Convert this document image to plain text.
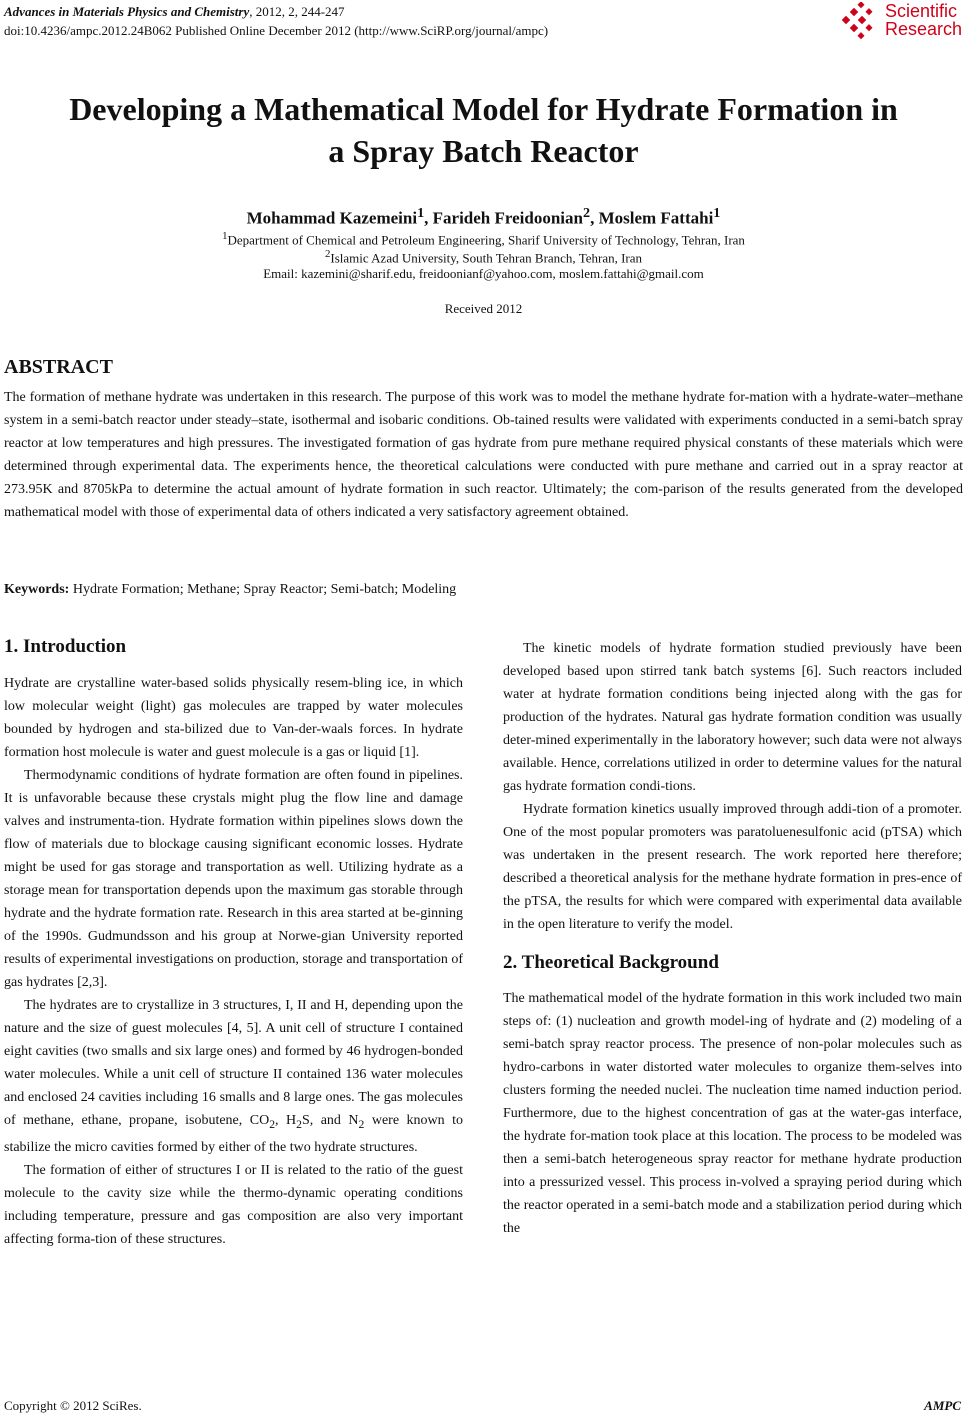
Advances in Materials Physics and Chemistry, 2012, 2, 244-247
doi:10.4236/ampc.2012.24B062 Published Online December 2012 (http://www.SciRP.org/journal/ampc)
Scientific
Research
Developing a Mathematical Model for Hydrate Formation in
a Spray Batch Reactor
Mohammad Kazemeini$^1$, Farideh Freidoonian$^2$, Moslem Fattahi$^1$
$^1$Department of Chemical and Petroleum Engineering, Sharif University of Technology, Tehran, Iran
$^2$Islamic Azad University, South Tehran Branch, Tehran, Iran
Email: kazemini@sharif.edu, freidoonianf@yahoo.com, moslem.fattahi@gmail.com
Received 2012
ABSTRACT
The formation of methane hydrate was undertaken in this research. The purpose of this work was to model the methane hydrate for-mation with a hydrate-water–methane system in a semi-batch reactor under steady–state, isothermal and isobaric conditions. Ob-tained results were validated with experiments conducted in a semi-batch spray reactor at low temperatures and high pressures. The investigated formation of gas hydrate from pure methane required physical constants of these materials which were determined through experimental data. The experiments hence, the theoretical calculations were conducted with pure methane and carried out in a spray reactor at 273.95K and 8705kPa to determine the actual amount of hydrate formation in such reactor. Ultimately; the com-parison of the results generated from the developed mathematical model with those of experimental data of others indicated a very satisfactory agreement obtained.
Keywords: Hydrate Formation; Methane; Spray Reactor; Semi-batch; Modeling
1. Introduction

Hydrate are crystalline water-based solids physically resem-bling ice, in which low molecular weight (light) gas molecules are trapped by water molecules bounded by hydrogen and sta-bilized due to Van-der-waals forces. In hydrate formation host molecule is water and guest molecule is a gas or liquid [1].

Thermodynamic conditions of hydrate formation are often found in pipelines. It is unfavorable because these crystals might plug the flow line and damage valves and instrumenta-tion. Hydrate formation within pipelines slows down the flow of materials due to blockage causing significant economic losses. Hydrate might be used for gas storage and transportation as well. Utilizing hydrate as a storage mean for transportation depends upon the maximum gas storable through hydrate and the hydrate formation rate. Research in this area started at be-ginning of the 1990s. Gudmundsson and his group at Norwe-gian University reported results of experimental investigations on production, storage and transportation of gas hydrates [2,3].

The hydrates are to crystallize in 3 structures, I, II and H, depending upon the nature and the size of guest molecules [4, 5]. A unit cell of structure I contained eight cavities (two smalls and six large ones) and formed by 46 hydrogen-bonded water molecules. While a unit cell of structure II contained 136 water molecules and enclosed 24 cavities including 16 smalls and 8 large ones. The gas molecules of methane, ethane, propane, isobutene, $CO_2$, $H_2S$, and $N_2$ were known to stabilize the micro cavities formed by either of the two hydrate structures.

The formation of either of structures I or II is related to the ratio of the guest molecule to the cavity size while the thermo-dynamic operating conditions including temperature, pressure and gas composition are also very important affecting forma-tion of these structures.

The kinetic models of hydrate formation studied previously have been developed based upon stirred tank batch systems [6]. Such reactors included water at hydrate formation conditions being injected along with the gas for production of the hydrates. Natural gas hydrate formation condition was usually deter-mined experimentally in the laboratory however; such data were not always available. Hence, correlations utilized in order to determine values for the natural gas hydrate formation condi-tions.

Hydrate formation kinetics usually improved through addi-tion of a promoter. One of the most popular promoters was paratoluenesulfonic acid (pTSA) which was undertaken in the present research. The work reported here therefore; described a theoretical analysis for the methane hydrate formation in pres-ence of the pTSA, the results for which were compared with experimental data available in the open literature to verify the model.

2. Theoretical Background

The mathematical model of the hydrate formation in this work included two main steps of: (1) nucleation and growth model-ing of hydrate and (2) modeling of a semi-batch spray reactor process. The presence of non-polar molecules such as hydro-carbons in water distorted water molecules to organize them-selves into clusters forming the needed nuclei. The nucleation time named induction period. Furthermore, due to the highest concentration of gas at the water-gas interface, the hydrate for-mation took place at this location. The process to be modeled was then a semi-batch heterogeneous spray reactor for methane hydrate production into a pressurized vessel. This process in-volved a spraying period during which the reactor operated in a semi-batch mode and a stabilization period during which the

Copyright © 2012 SciRes.	AMPC
